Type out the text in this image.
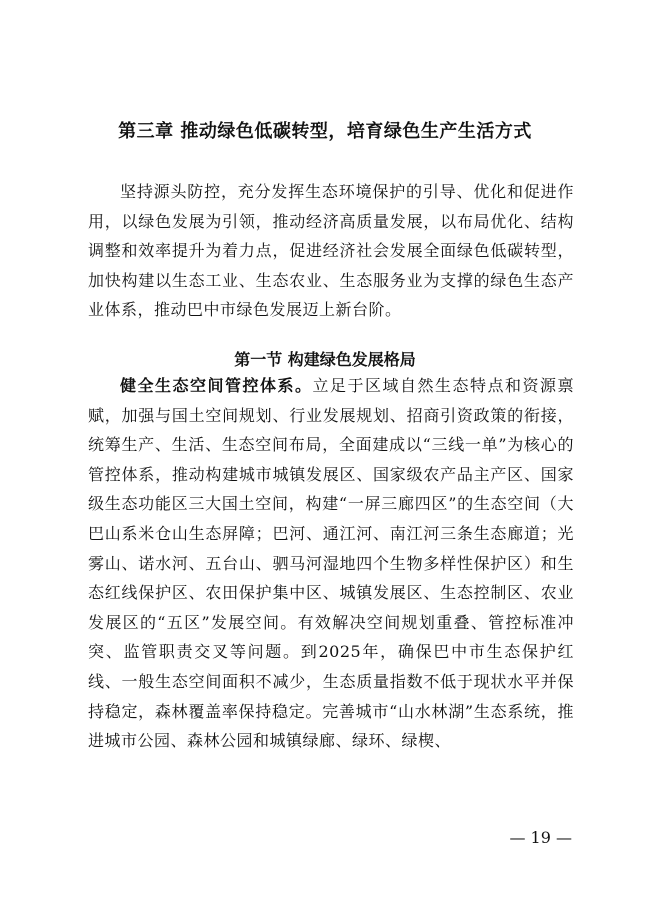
第三章 推动绿色低碳转型，培育绿色生产生活方式

坚持源头防控，充分发挥生态环境保护的引导、优化和促进作用，以绿色发展为引领，推动经济高质量发展，以布局优化、结构调整和效率提升为着力点，促进经济社会发展全面绿色低碳转型，加快构建以生态工业、生态农业、生态服务业为支撑的绿色生态产业体系，推动巴中市绿色发展迈上新台阶。

第一节 构建绿色发展格局

健全生态空间管控体系。立足于区域自然生态特点和资源禀赋，加强与国土空间规划、行业发展规划、招商引资政策的衔接，统筹生产、生活、生态空间布局，全面建成以“三线一单”为核心的管控体系，推动构建城市城镇发展区、国家级农产品主产区、国家级生态功能区三大国土空间，构建“一屏三廊四区”的生态空间（大巴山系米仓山生态屏障；巴河、通江河、南江河三条生态廊道；光雾山、诺水河、五台山、驷马河湿地四个生物多样性保护区）和生态红线保护区、农田保护集中区、城镇发展区、生态控制区、农业发展区的“五区”发展空间。有效解决空间规划重叠、管控标准冲突、监管职责交叉等问题。到2025年，确保巴中市生态保护红线、一般生态空间面积不减少，生态质量指数不低于现状水平并保持稳定，森林覆盖率保持稳定。完善城市“山水林湖”生态系统，推进城市公园、森林公园和城镇绿廊、绿环、绿楔、

— 19 —
